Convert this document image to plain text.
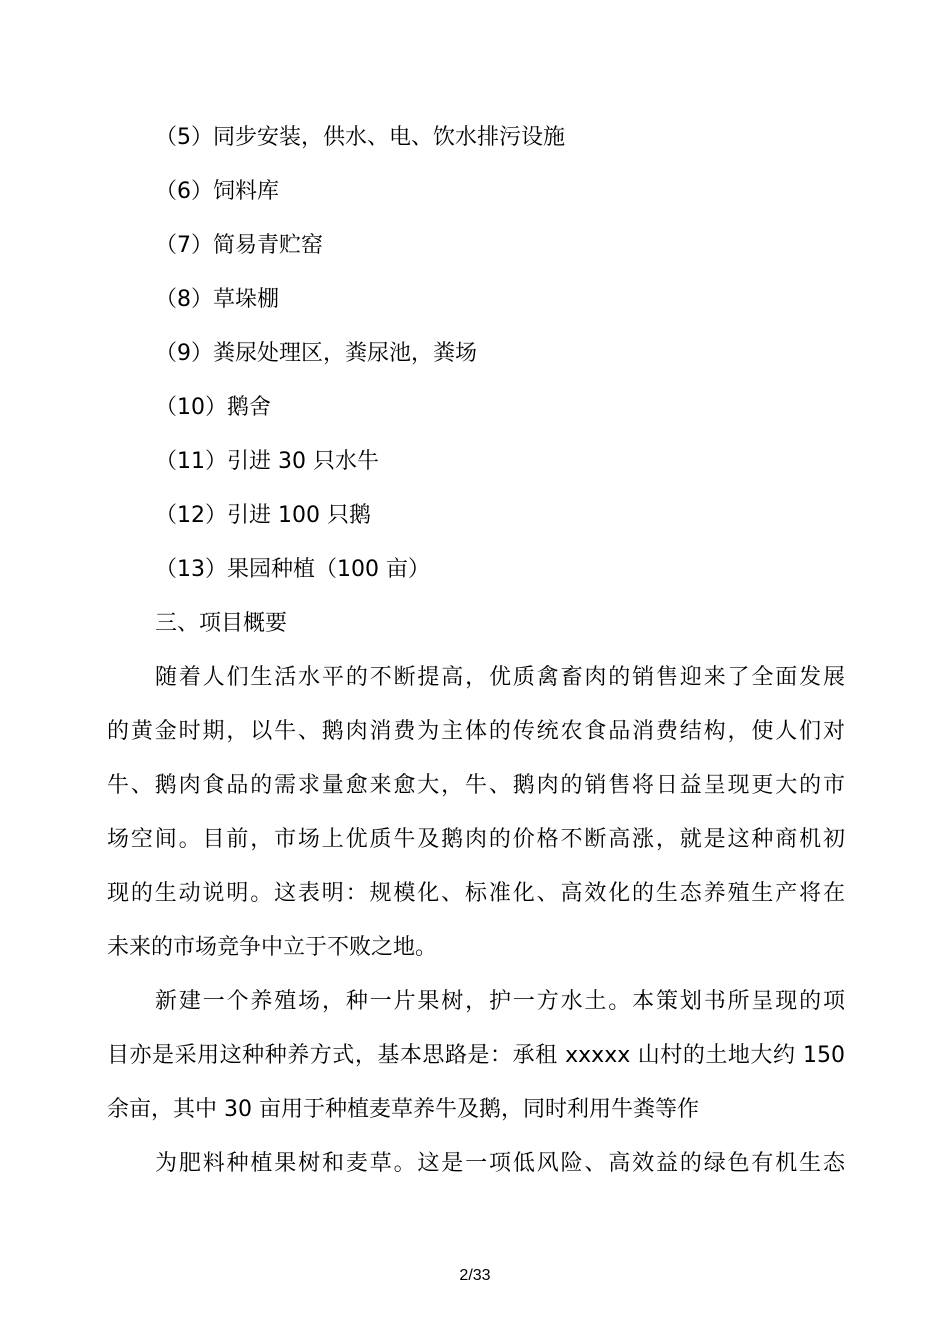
（5）同步安装，供水、电、饮水排污设施
（6）饲料库
（7）简易青贮窑
（8）草垛棚
（9）粪尿处理区，粪尿池，粪场
（10）鹅舍
（11）引进 30 只水牛
（12）引进 100 只鹅
（13）果园种植（100 亩）
三、项目概要
随着人们生活水平的不断提高，优质禽畜肉的销售迎来了全面发展
的黄金时期，以牛、鹅肉消费为主体的传统农食品消费结构，使人们对
牛、鹅肉食品的需求量愈来愈大，牛、鹅肉的销售将日益呈现更大的市
场空间。目前，市场上优质牛及鹅肉的价格不断高涨，就是这种商机初
现的生动说明。这表明：规模化、标准化、高效化的生态养殖生产将在
未来的市场竞争中立于不败之地。
新建一个养殖场，种一片果树，护一方水土。本策划书所呈现的项
目亦是采用这种种养方式，基本思路是：承租 xxxxx 山村的土地大约 150
余亩，其中 30 亩用于种植麦草养牛及鹅，同时利用牛粪等作
为肥料种植果树和麦草。这是一项低风险、高效益的绿色有机生态
2/33
